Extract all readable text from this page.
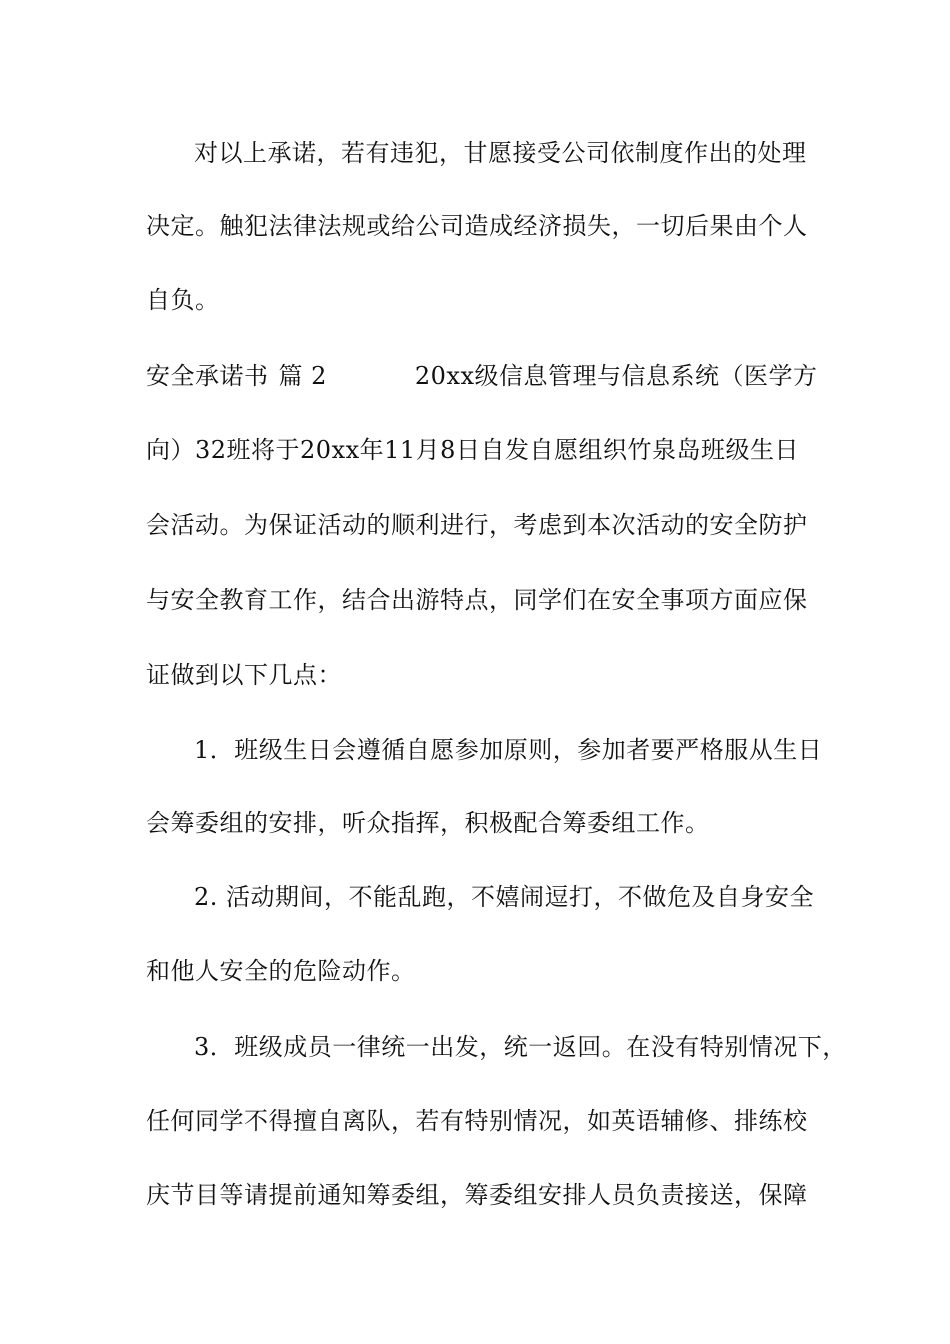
对以上承诺，若有违犯，甘愿接受公司依制度作出的处理
决定。触犯法律法规或给公司造成经济损失，一切后果由个人
自负。
安全承诺书 篇 2	20xx级信息管理与信息系统（医学方
向）32班将于20xx年11月8日自发自愿组织竹泉岛班级生日
会活动。为保证活动的顺利进行，考虑到本次活动的安全防护
与安全教育工作，结合出游特点，同学们在安全事项方面应保
证做到以下几点：
1．班级生日会遵循自愿参加原则，参加者要严格服从生日
会筹委组的安排，听众指挥，积极配合筹委组工作。
2. 活动期间，不能乱跑，不嬉闹逗打，不做危及自身安全
和他人安全的危险动作。
3．班级成员一律统一出发，统一返回。在没有特别情况下，
任何同学不得擅自离队，若有特别情况，如英语辅修、排练校
庆节目等请提前通知筹委组，筹委组安排人员负责接送，保障
